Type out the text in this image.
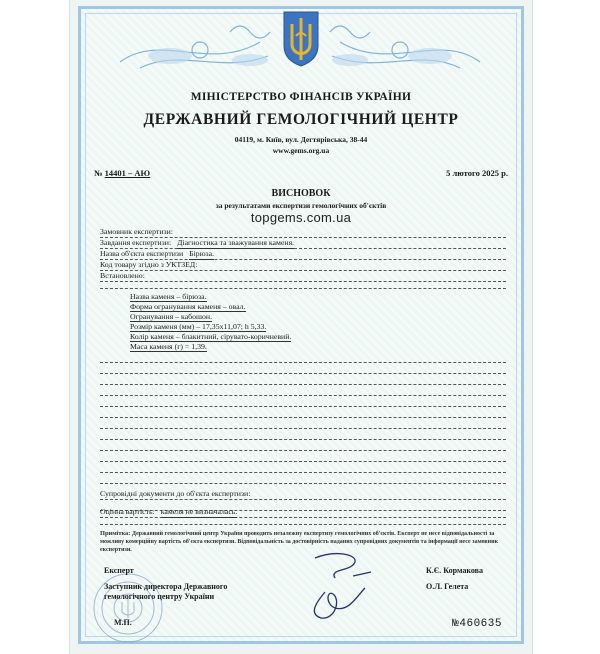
МІНІСТЕРСТВО ФІНАНСІВ УКРАЇНИ
ДЕРЖАВНИЙ ГЕМОЛОГІЧНИЙ ЦЕНТР
04119, м. Київ, вул. Дегтярівська, 38-44
www.gems.org.ua
№ 14401 – АЮ	5 лютого 2025 р.
ВИСНОВОК
за результатами експертизи гемологічних об'єктів
topgems.com.ua
Замовник експертизи:
Завдання експертизи: Діагностика та зважування каменя.
Назва об'єкта експертизи Бірюза.
Код товару згідно з УКТЗЕД:
Встановлено:
Назва каменя – бірюза.
Форма огранування каменя – овал.
Огранування – кабошон.
Розмір каменя (мм) – 17,35x11,07; h 5,33.
Колір каменя – блакитний, сірувато-коричневий.
Маса каменя (г) = 1,39.
Супровідні документи до об'єкта експертизи:
Оцінна вартість: камеля не визначалась.
Примітка: Державний гемологічний центр України проводить незалежну експертизу гемологічних об'єктів. Експерт не несе відповідальності за можливу комерційну вартість об'єкта експертизи. Відповідальність за достовірність наданих супровідних документів та інформації несе замовник експертизи.
Експерт
Заступник директора Державного
гемологічного центру України
М.П.
К.Є. Кормакова
О.Л. Гелета
№460635
